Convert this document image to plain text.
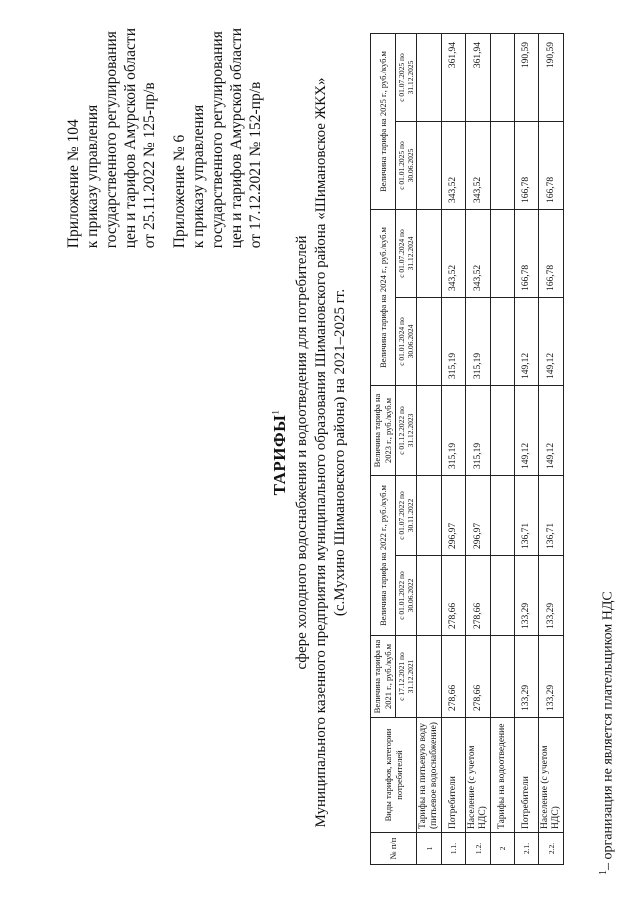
Приложение № 104 к приказу управления государственного регулирования цен и тарифов Амурской области от 25.11.2022 № 125-пр/в Приложение № 6 к приказу управления государственного регулирования цен и тарифов Амурской области от 17.12.2021 № 152-пр/в
ТАРИФЫ$^1$ сфере холодного водоснабжения и водоотведения для потребителей Муниципального казенного предприятия муниципального образования Шимановского района «Шимановское ЖКХ» (с.Мухино Шимановского района) на 2021–2025 гг.
№ п/п	Виды тарифов, категории потребителей	Величина тарифа на 2021 г., руб./куб.м	Величина тарифа на 2022 г., руб./куб.м		Величина тарифа на 2023 г., руб./куб.м	Величина тарифа на 2024 г., руб./куб.м		Величина тарифа на 2025 г., руб./куб.м	
		с 17.12.2021 по 31.12.2021	с 01.01.2022 по 30.06.2022	с 01.07.2022 по 30.11.2022	с 01.12.2022 по 31.12.2023	с 01.01.2024 по 30.06.2024	с 01.07.2024 по 31.12.2024	с 01.01.2025 по 30.06.2025	с 01.07.2025 по 31.12.2025
1	Тарифы на питьевую воду (питьевое водоснабжение)								
1.1.	Потребители	278,66	278,66	296,97	315,19	315,19	343,52	343,52	361,94
1.2.	Население (с учетом НДС)	278,66	278,66	296,97	315,19	315,19	343,52	343,52	361,94
2	Тарифы на водоотведение								
2.1.	Потребители	133,29	133,29	136,71	149,12	149,12	166,78	166,78	190,59
2.2.	Население (с учетом НДС)	133,29	133,29	136,71	149,12	149,12	166,78	166,78	190,59
$^1$– организация не является плательщиком НДС
